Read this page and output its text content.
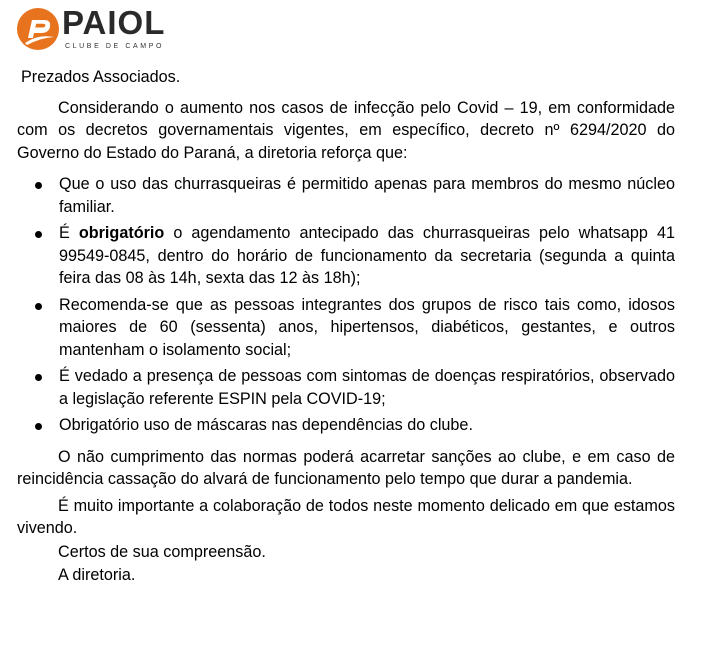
PAIOL
CLUBE DE CAMPO

Prezados Associados.

Considerando o aumento nos casos de infecção pelo Covid – 19, em conformidade com os decretos governamentais vigentes, em específico, decreto nº 6294/2020 do Governo do Estado do Paraná, a diretoria reforça que:

Que o uso das churrasqueiras é permitido apenas para membros do mesmo núcleo familiar.
É obrigatório o agendamento antecipado das churrasqueiras pelo whatsapp 41 99549-0845, dentro do horário de funcionamento da secretaria (segunda a quinta feira das 08 às 14h, sexta das 12 às 18h);
Recomenda-se que as pessoas integrantes dos grupos de risco tais como, idosos maiores de 60 (sessenta) anos, hipertensos, diabéticos, gestantes, e outros mantenham o isolamento social;
É vedado a presença de pessoas com sintomas de doenças respiratórios, observado a legislação referente ESPIN pela COVID-19;
Obrigatório uso de máscaras nas dependências do clube.

O não cumprimento das normas poderá acarretar sanções ao clube, e em caso de reincidência cassação do alvará de funcionamento pelo tempo que durar a pandemia.

É muito importante a colaboração de todos neste momento delicado em que estamos vivendo.

Certos de sua compreensão.

A diretoria.
